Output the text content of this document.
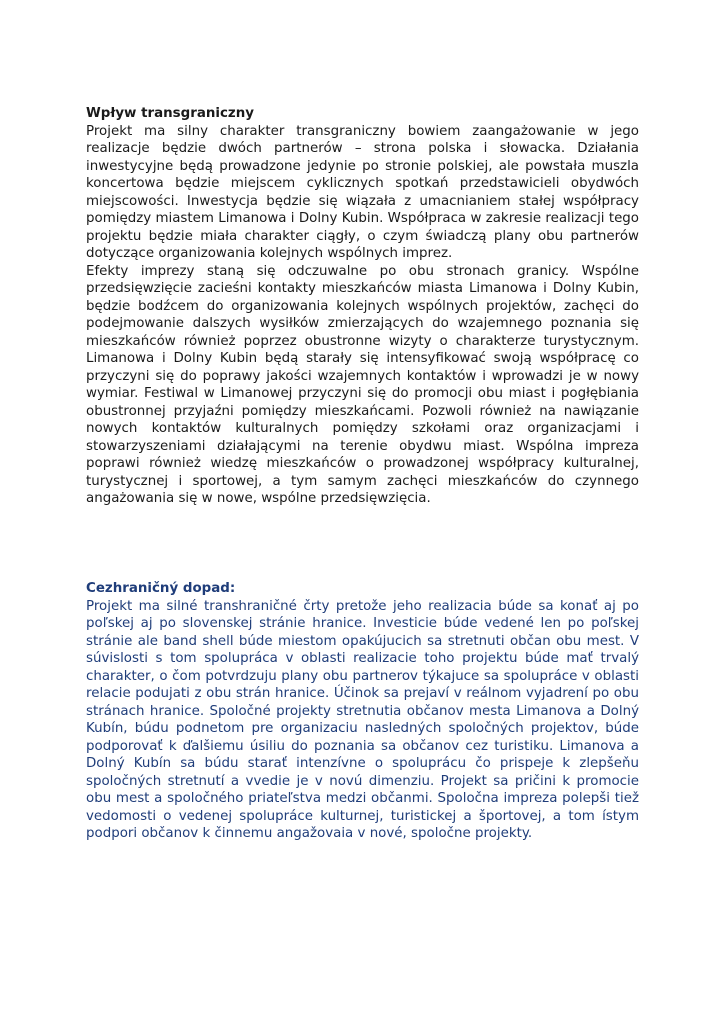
Wpływ transgraniczny

Projekt ma silny charakter transgraniczny bowiem zaangażowanie w jego realizacje będzie dwóch partnerów – strona polska i słowacka. Działania inwestycyjne będą prowadzone jedynie po stronie polskiej, ale powstała muszla koncertowa będzie miejscem cyklicznych spotkań przedstawicieli obydwóch miejscowości. Inwestycja będzie się wiązała z umacnianiem stałej współpracy pomiędzy miastem Limanowa i Dolny Kubin. Współpraca w zakresie realizacji tego projektu będzie miała charakter ciągły, o czym świadczą plany obu partnerów dotyczące organizowania kolejnych wspólnych imprez.

Efekty imprezy staną się odczuwalne po obu stronach granicy. Wspólne przedsięwzięcie zacieśni kontakty mieszkańców miasta Limanowa i Dolny Kubin, będzie bodźcem do organizowania kolejnych wspólnych projektów, zachęci do podejmowanie dalszych wysiłków zmierzających do wzajemnego poznania się mieszkańców również poprzez obustronne wizyty o charakterze turystycznym. Limanowa i Dolny Kubin będą starały się intensyfikować swoją współpracę co przyczyni się do poprawy jakości wzajemnych kontaktów i wprowadzi je w nowy wymiar. Festiwal w Limanowej przyczyni się do promocji obu miast i pogłębiania obustronnej przyjaźni pomiędzy mieszkańcami. Pozwoli również na nawiązanie nowych kontaktów kulturalnych pomiędzy szkołami oraz organizacjami i stowarzyszeniami działającymi na terenie obydwu miast. Wspólna impreza poprawi również wiedzę mieszkańców o prowadzonej współpracy kulturalnej, turystycznej i sportowej, a tym samym zachęci mieszkańców do czynnego angażowania się w nowe, wspólne przedsięwzięcia.

Cezhraničný dopad:

Projekt ma silné transhraničné črty pretože jeho realizacia búde sa konať aj po poľskej aj po slovenskej stránie hranice. Investicie búde vedené len po poľskej stránie ale band shell búde miestom opakújucich sa stretnuti občan obu mest. V súvislosti s tom spolupráca v oblasti realizacie toho projektu búde mať trvalý charakter, o čom potvrdzuju plany obu partnerov týkajuce sa spolupráce v oblasti relacie podujati z obu strán hranice. Účinok sa prejaví v reálnom vyjadrení po obu stránach hranice. Spoločné projekty stretnutia občanov mesta Limanova a Dolný Kubín, búdu podnetom pre organizaciu nasledných spoločných projektov, búde podporovať k ďalšiemu úsiliu do poznania sa občanov cez turistiku. Limanova a Dolný Kubín sa búdu starať intenzívne o spoluprácu čo prispeje k zlepšeňu spoločných stretnutí a vvedie je v novú dimenziu. Projekt sa pričini k promocie obu mest a spoločného priateľstva medzi občanmi. Spoločna impreza polepši tiež vedomosti o vedenej spolupráce kulturnej, turistickej a športovej, a tom ístym podpori občanov k činnemu angažovaia v nové, spoločne projekty.
